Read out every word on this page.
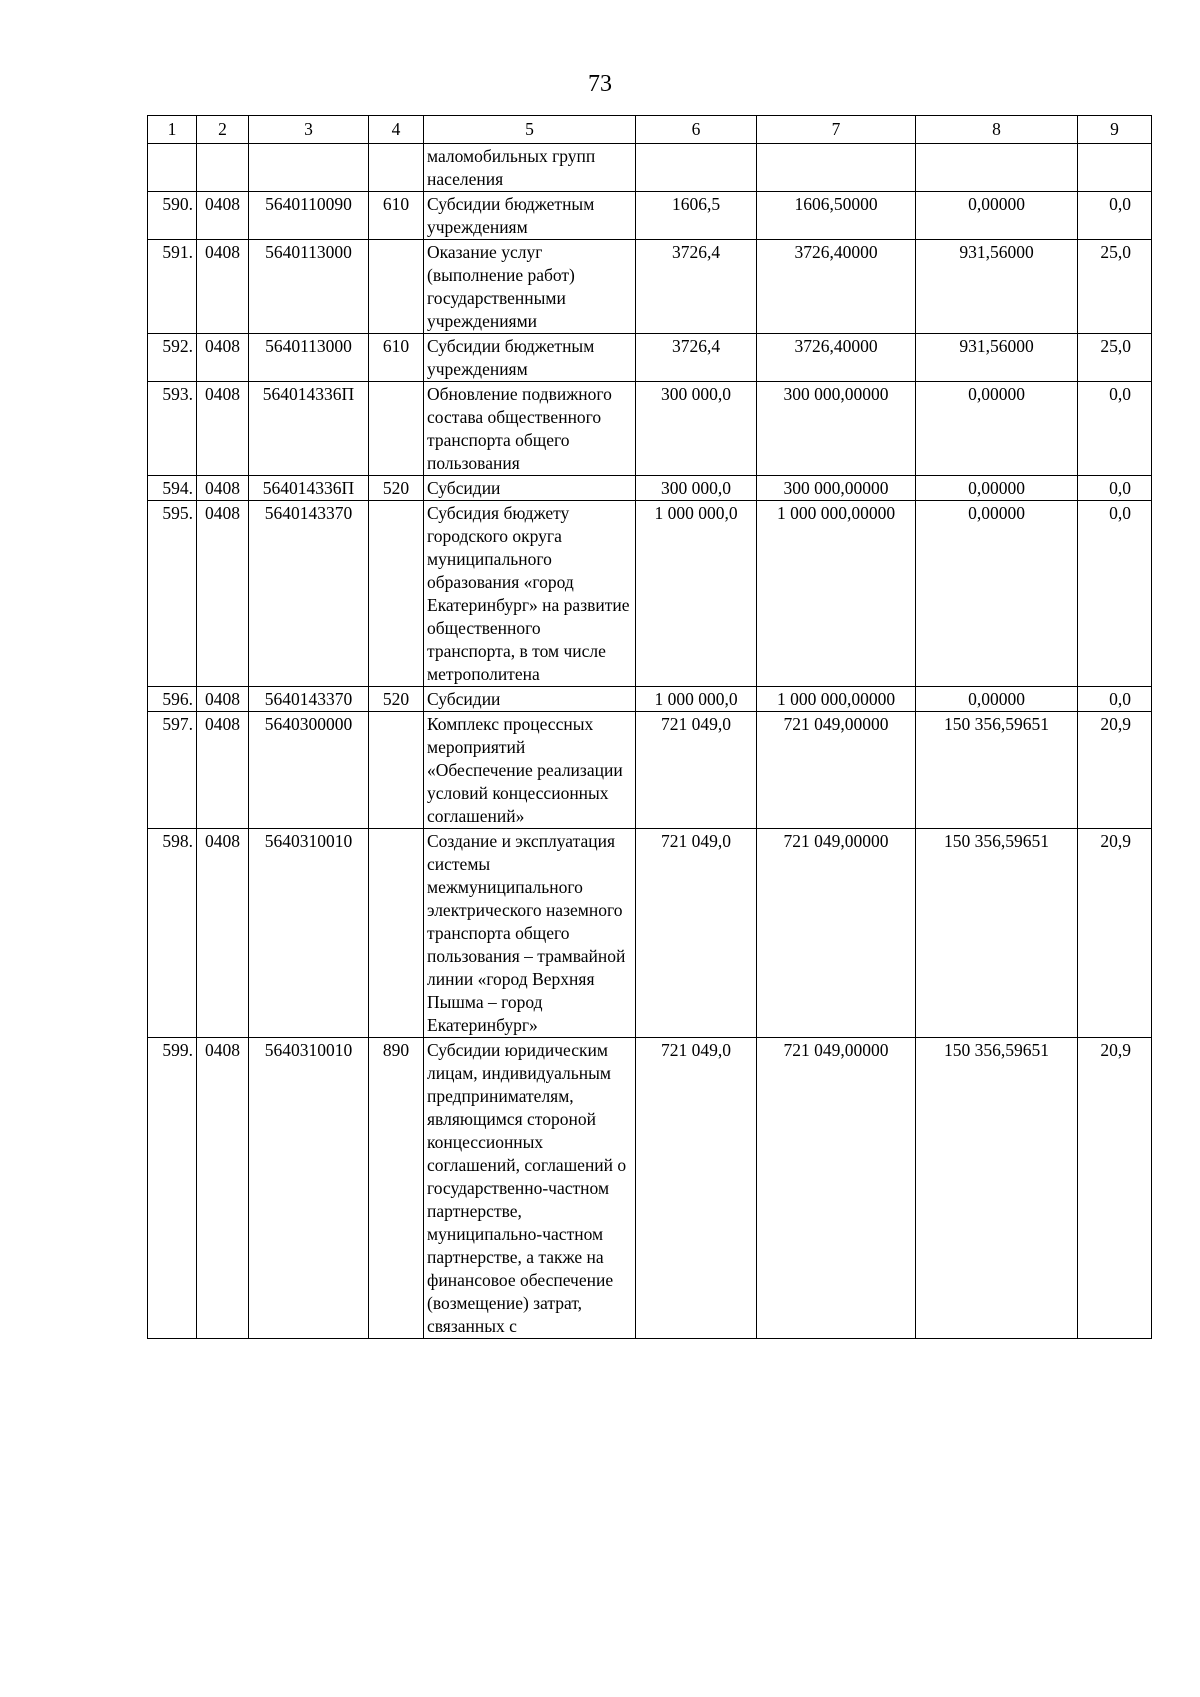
73
1	2	3	4	5	6	7	8	9
				маломобильных групп населения				
590.	0408	5640110090	610	Субсидии бюджетным учреждениям	1606,5	1606,50000	0,00000	0,0
591.	0408	5640113000		Оказание услуг (выполнение работ) государственными учреждениями	3726,4	3726,40000	931,56000	25,0
592.	0408	5640113000	610	Субсидии бюджетным учреждениям	3726,4	3726,40000	931,56000	25,0
593.	0408	564014336П		Обновление подвижного состава общественного транспорта общего пользования	300 000,0	300 000,00000	0,00000	0,0
594.	0408	564014336П	520	Субсидии	300 000,0	300 000,00000	0,00000	0,0
595.	0408	5640143370		Субсидия бюджету городского округа муниципального образования «город Екатеринбург» на развитие общественного транспорта, в том числе метрополитена	1 000 000,0	1 000 000,00000	0,00000	0,0
596.	0408	5640143370	520	Субсидии	1 000 000,0	1 000 000,00000	0,00000	0,0
597.	0408	5640300000		Комплекс процессных мероприятий «Обеспечение реализации условий концессионных соглашений»	721 049,0	721 049,00000	150 356,59651	20,9
598.	0408	5640310010		Создание и эксплуатация системы межмуниципального электрического наземного транспорта общего пользования – трамвайной линии «город Верхняя Пышма – город Екатеринбург»	721 049,0	721 049,00000	150 356,59651	20,9
599.	0408	5640310010	890	Субсидии юридическим лицам, индивидуальным предпринимателям, являющимся стороной концессионных соглашений, соглашений о государственно-частном партнерстве, муниципально-частном партнерстве, а также на финансовое обеспечение (возмещение) затрат, связанных с	721 049,0	721 049,00000	150 356,59651	20,9
